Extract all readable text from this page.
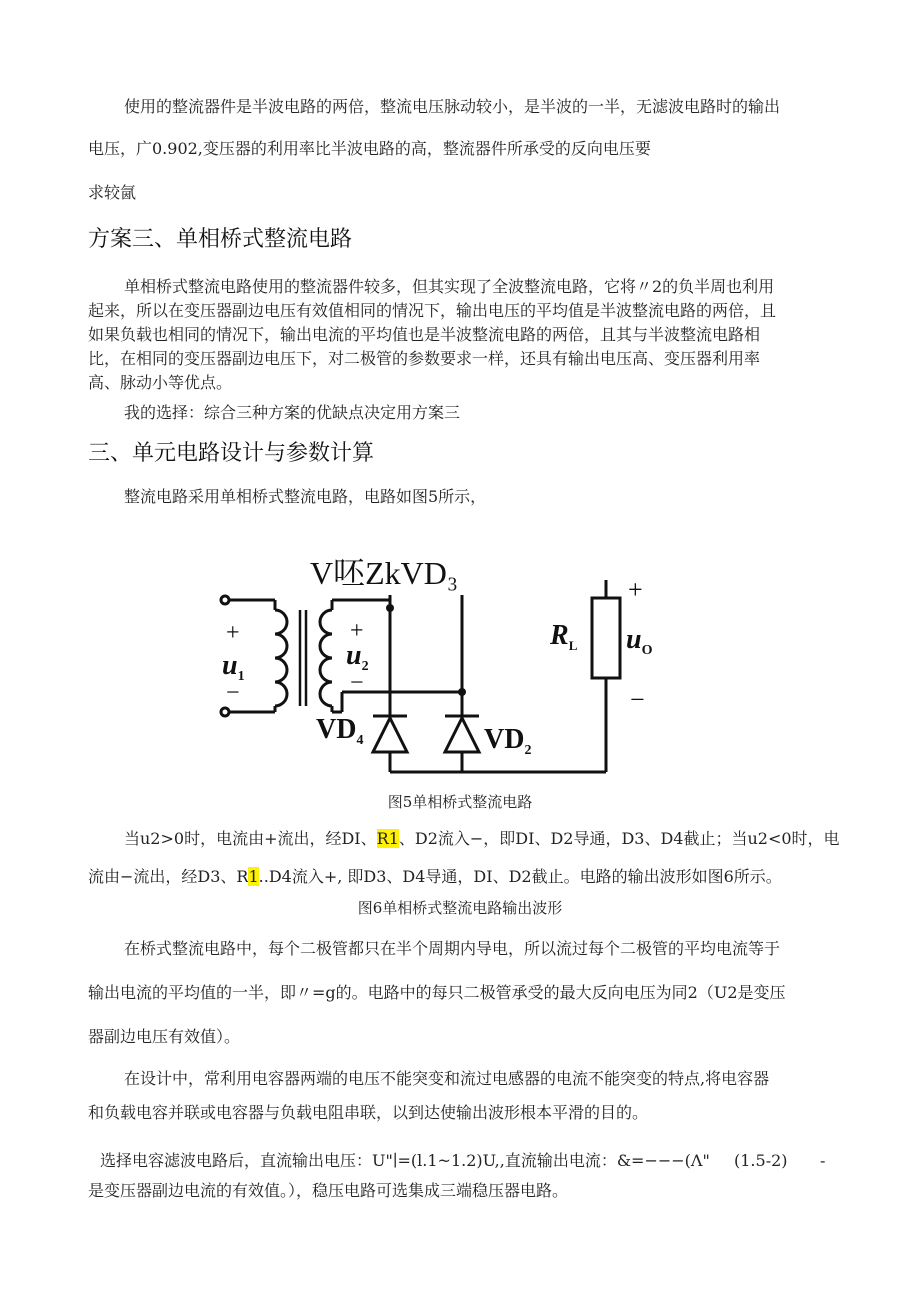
使用的整流器件是半波电路的两倍，整流电压脉动较小，是半波的一半，无滤波电路时的输出
电压，广0.902,变压器的利用率比半波电路的高，整流器件所承受的反向电压要
求较氤
方案三、单相桥式整流电路
单相桥式整流电路使用的整流器件较多，但其实现了全波整流电路，它将〃2的负半周也利用
起来，所以在变压器副边电压有效值相同的情况下，输出电压的平均值是半波整流电路的两倍，且
如果负载也相同的情况下，输出电流的平均值也是半波整流电路的两倍，且其与半波整流电路相
比，在相同的变压器副边电压下，对二极管的参数要求一样，还具有输出电压高、变压器利用率
高、脉动小等优点。
我的选择：综合三种方案的优缺点决定用方案三
三、单元电路设计与参数计算
整流电路采用单相桥式整流电路，电路如图5所示，
V呸ZkVD₃
+
$u_1$
−
+
$u_2$
−
$VD_4$	$VD_2$
$R_L$
+
$u_O$
−
图5单相桥式整流电路
当u2>0时，电流由+流出，经DI、R1、D2流入−，即DI、D2导通，D3、D4截止；当u2<0时，电
流由−流出，经D3、R1..D4流入+, 即D3、D4导通，DI、D2截止。电路的输出波形如图6所示。
图6单相桥式整流电路输出波形
在桥式整流电路中，每个二极管都只在半个周期内导电，所以流过每个二极管的平均电流等于
输出电流的平均值的一半，即〃=g的。电路中的每只二极管承受的最大反向电压为同2（U2是变压
器副边电压有效值）。
在设计中，常利用电容器两端的电压不能突变和流过电感器的电流不能突变的特点,将电容器
和负载电容并联或电容器与负载电阻串联，以到达使输出波形根本平滑的目的。
选择电容滤波电路后，直流输出电压：U"∣=(l.1~1.2)U,,直流输出电流：&=−−−(Λ" (1.5-2) -
是变压器副边电流的有效值。），稳压电路可选集成三端稳压器电路。
